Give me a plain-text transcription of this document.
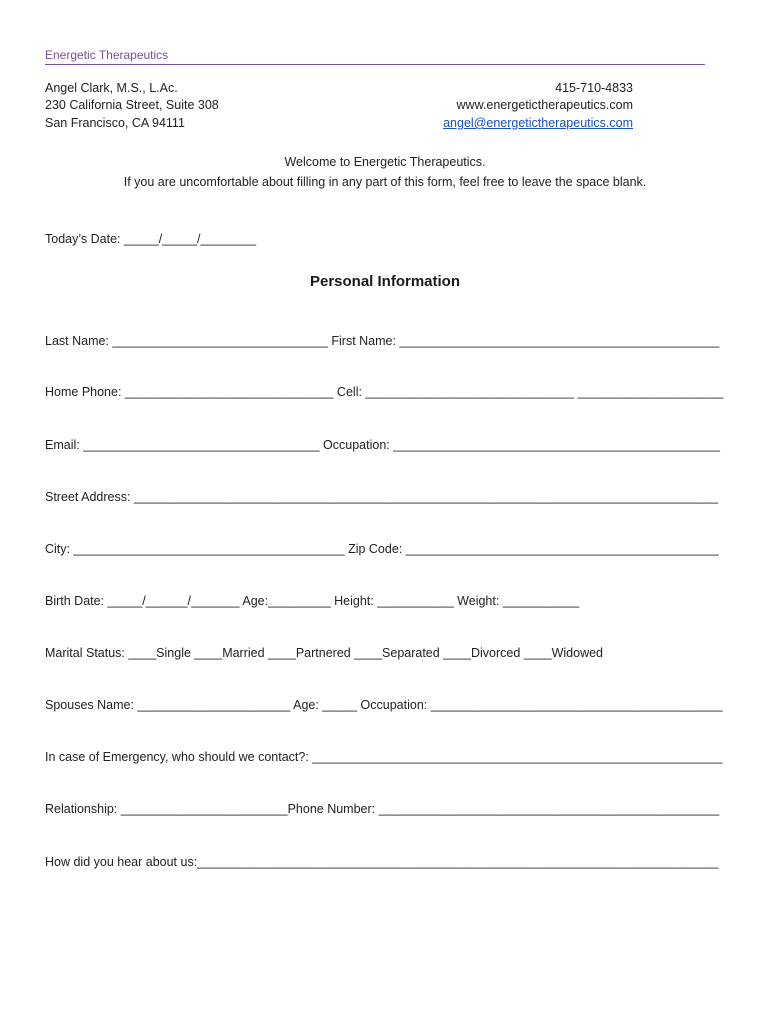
Energetic Therapeutics
Angel Clark, M.S., L.Ac.
230 California Street, Suite 308
San Francisco, CA 94111
415-710-4833
www.energetictherapeutics.com
angel@energetictherapeutics.com
Welcome to Energetic Therapeutics.
If you are uncomfortable about filling in any part of this form, feel free to leave the space blank.
Today’s Date: _____/_____/________
Personal Information
Last Name: _______________________________ First Name: ______________________________________________
Home Phone: ______________________________ Cell: ______________________________ _____________________
Email: __________________________________ Occupation: _______________________________________________
Street Address: ____________________________________________________________________________________
City: _______________________________________ Zip Code: _____________________________________________
Birth Date: _____/______/_______ Age:_________ Height: ___________ Weight: ___________
Marital Status: ____Single ____Married ____Partnered ____Separated ____Divorced ____Widowed
Spouses Name: ______________________ Age: _____ Occupation: __________________________________________
In case of Emergency, who should we contact?: ___________________________________________________________
Relationship: ________________________Phone Number: _________________________________________________
How did you hear about us:___________________________________________________________________________
